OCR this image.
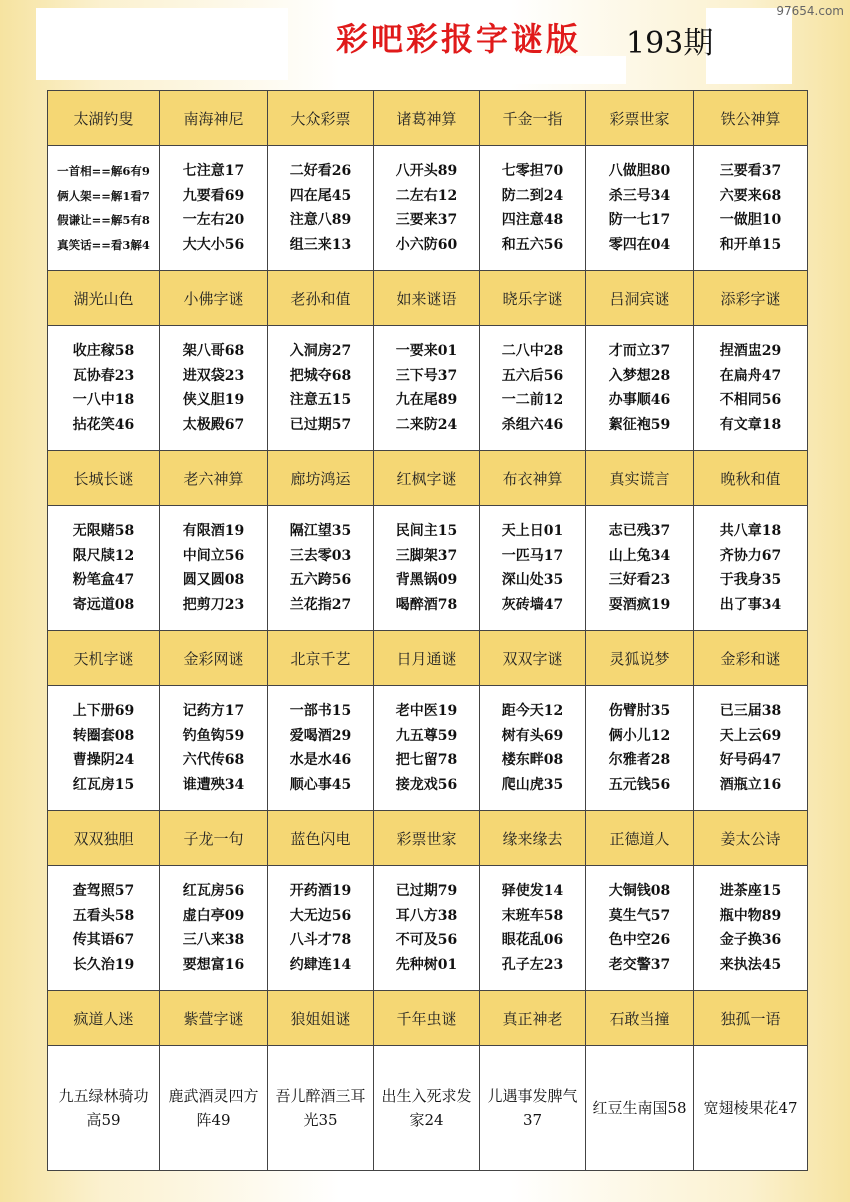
彩吧彩报字谜版 193期
97654.com
太湖钓叟	南海神尼	大众彩票	诸葛神算	千金一指	彩票世家	铁公神算

一首相==解6有9
俩人架==解1看7
假谦让==解5有8
真笑话==看3解4	七注意17
九要看69
一左右20
大大小56	二好看26
四在尾45
注意八89
组三来13	八开头89
二左右12
三要来37
小六防60	七零担70
防二到24
四注意48
和五六56	八做胆80
杀三号34
防一七17
零四在04	三要看37
六要来68
一做胆10
和开单15

湖光山色	小佛字谜	老孙和值	如来谜语	晓乐字谜	吕洞宾谜	添彩字谜

收庄稼58
瓦协春23
一八中18
拈花笑46	架八哥68
进双袋23
侠义胆19
太极殿67	入洞房27
把城夺68
注意五15
已过期57	一要来01
三下号37
九在尾89
二来防24	二八中28
五六后56
一二前12
杀组六46	才而立37
入梦想28
办事顺46
絮征袍59	捏酒盅29
在扁舟47
不相同56
有文章18

长城长谜	老六神算	廊坊鸿运	红枫字谜	布衣神算	真实谎言	晚秋和值

无限赌58
限尺牍12
粉笔盒47
寄远道08	有限酒19
中间立56
圆又圆08
把剪刀23	隔江望35
三去零03
五六跨56
兰花指27	民间主15
三脚架37
背黑锅09
喝醉酒78	天上日01
一匹马17
深山处35
灰砖墙47	志已残37
山上兔34
三好看23
耍酒疯19	共八章18
齐协力67
于我身35
出了事34

天机字谜	金彩网谜	北京千艺	日月通谜	双双字谜	灵狐说梦	金彩和谜

上下册69
转圈套08
曹操阴24
红瓦房15	记药方17
钓鱼钩59
六代传68
谁遭殃34	一部书15
爱喝酒29
水是水46
顺心事45	老中医19
九五尊59
把七留78
接龙戏56	距今天12
树有头69
楼东畔08
爬山虎35	伤臂肘35
俩小儿12
尔雅者28
五元钱56	已三届38
天上云69
好号码47
酒瓶立16

双双独胆	子龙一句	蓝色闪电	彩票世家	缘来缘去	正德道人	姜太公诗

查驾照57
五看头58
传其语67
长久治19	红瓦房56
虚白亭09
三八来38
要想富16	开药酒19
大无边56
八斗才78
约肆连14	已过期79
耳八方38
不可及56
先种树01	驿使发14
末班车58
眼花乱06
孔子左23	大铜钱08
莫生气57
色中空26
老交警37	进茶座15
瓶中物89
金子换36
来执法45

疯道人迷	紫萱字谜	狼姐姐谜	千年虫谜	真正神老	石敢当撞	独孤一语

九五绿林骑功高59	鹿武酒灵四方阵49	吾儿醉酒三耳光35	出生入死求发家24	儿遇事发脾气37	红豆生南国58	宽翅棱果花47
